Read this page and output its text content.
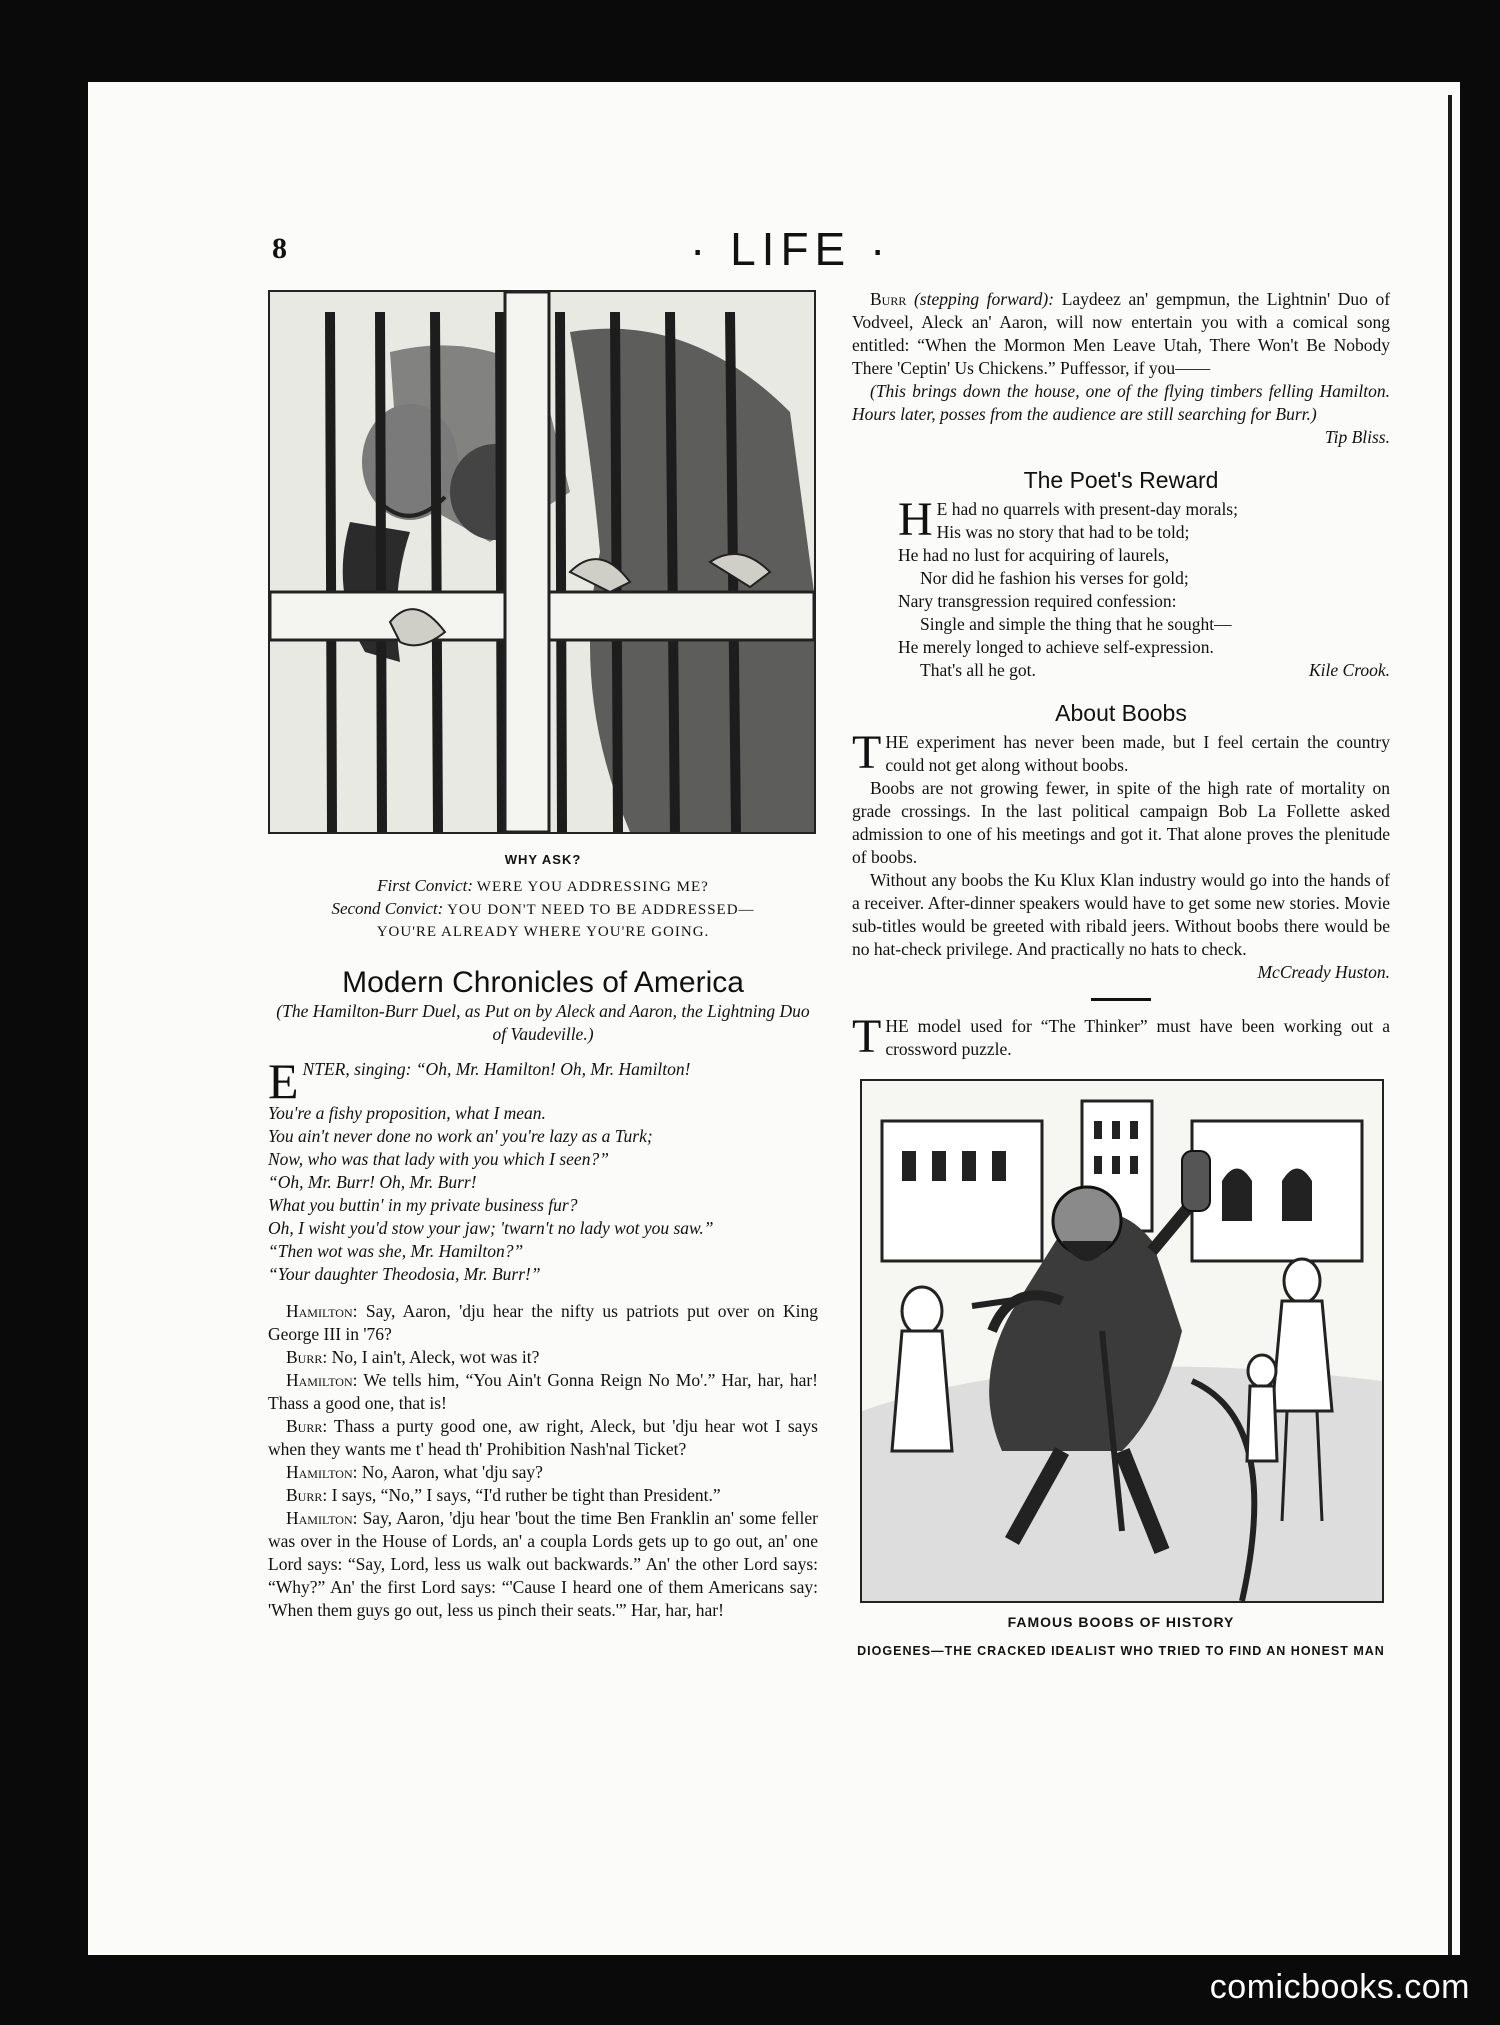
8	· LIFE ·
WHY ASK?
First Convict: WERE YOU ADDRESSING ME?
Second Convict: YOU DON'T NEED TO BE ADDRESSED—
YOU'RE ALREADY WHERE YOU'RE GOING.
Modern Chronicles of America
(The Hamilton-Burr Duel, as Put on by Aleck and Aaron, the Lightning Duo of Vaudeville.)

ENTER, singing: “Oh, Mr. Hamilton! Oh, Mr. Hamilton!

You're a fishy proposition, what I mean.

You ain't never done no work an' you're lazy as a Turk;

Now, who was that lady with you which I seen?”

“Oh, Mr. Burr! Oh, Mr. Burr!

What you buttin' in my private business fur?

Oh, I wisht you'd stow your jaw; 'twarn't no lady wot you saw.”

“Then wot was she, Mr. Hamilton?”

“Your daughter Theodosia, Mr. Burr!”

Hamilton: Say, Aaron, 'dju hear the nifty us patriots put over on King George III in '76?

Burr: No, I ain't, Aleck, wot was it?

Hamilton: We tells him, “You Ain't Gonna Reign No Mo'.” Har, har, har! Thass a good one, that is!

Burr: Thass a purty good one, aw right, Aleck, but 'dju hear wot I says when they wants me t' head th' Prohibition Nash'nal Ticket?

Hamilton: No, Aaron, what 'dju say?

Burr: I says, “No,” I says, “I'd ruther be tight than President.”

Hamilton: Say, Aaron, 'dju hear 'bout the time Ben Franklin an' some feller was over in the House of Lords, an' a coupla Lords gets up to go out, an' one Lord says: “Say, Lord, less us walk out backwards.” An' the other Lord says: “Why?” An' the first Lord says: “'Cause I heard one of them Americans say: 'When them guys go out, less us pinch their seats.'” Har, har, har!

Burr (stepping forward): Laydeez an' gempmun, the Lightnin' Duo of Vodveel, Aleck an' Aaron, will now entertain you with a comical song entitled: “When the Mormon Men Leave Utah, There Won't Be Nobody There 'Ceptin' Us Chickens.” Puffessor, if you——

(This brings down the house, one of the flying timbers felling Hamilton. Hours later, posses from the audience are still searching for Burr.)

Tip Bliss.
The Poet's Reward

H E had no quarrels with present-day morals;

His was no story that had to be told;

He had no lust for acquiring of laurels,

Nor did he fashion his verses for gold;

Nary transgression required confession:

Single and simple the thing that he sought—

He merely longed to achieve self-expression.

That's all he got.	Kile Crook.

About Boobs

THE experiment has never been made, but I feel certain the country could not get along without boobs.

Boobs are not growing fewer, in spite of the high rate of mortality on grade crossings. In the last political campaign Bob La Follette asked admission to one of his meetings and got it. That alone proves the plenitude of boobs.

Without any boobs the Ku Klux Klan industry would go into the hands of a receiver. After-dinner speakers would have to get some new stories. Movie sub-titles would be greeted with ribald jeers. Without boobs there would be no hat-check privilege. And practically no hats to check.

McCready Huston.

THE model used for “The Thinker” must have been working out a crossword puzzle.

FAMOUS BOOBS OF HISTORY
DIOGENES—THE CRACKED IDEALIST WHO TRIED TO FIND AN HONEST MAN
comicbooks.com
